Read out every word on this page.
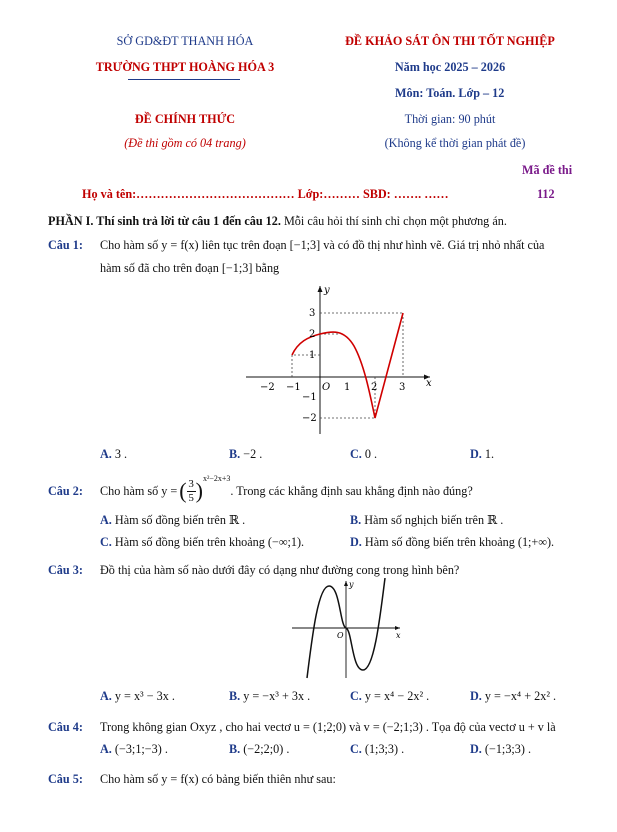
SỞ GD&ĐT THANH HÓA
TRƯỜNG THPT HOÀNG HÓA 3
ĐỀ KHẢO SÁT ÔN THI TỐT NGHIỆP
Năm học 2025 – 2026
Môn: Toán. Lớp – 12
ĐỀ CHÍNH THỨC	Thời gian: 90 phút
(Đề thi gồm có 04 trang)	(Không kể thời gian phát đề)
Mã đề thi
Họ và tên:………………………………… Lớp:……… SBD: ……. ……	112
PHẦN I. Thí sinh trả lời từ câu 1 đến câu 12. Mỗi câu hỏi thí sinh chỉ chọn một phương án.
Câu 1: Cho hàm số y = f(x) liên tục trên đoạn [−1;3] và có đồ thị như hình vẽ. Giá trị nhỏ nhất của
hàm số đã cho trên đoạn [−1;3] bằng
−2 −1 O 1 2 3 x
y
3
2
1
−1
−2
A. 3 .	B. −2 .	C. 0 .	D. 1.
Câu 2: Cho hàm số y = ( 3
5 ) x²−2x+3
. Trong các khẳng định sau khẳng định nào đúng?
A. Hàm số đồng biến trên ℝ .	B. Hàm số nghịch biến trên ℝ .
C. Hàm số đồng biến trên khoảng (−∞;1).	D. Hàm số đồng biến trên khoảng (1;+∞).
Câu 3: Đồ thị của hàm số nào dưới đây có dạng như đường cong trong hình bên?
x
y
O
A. y = x³ − 3x .	B. y = −x³ + 3x .	C. y = x⁴ − 2x² .	D. y = −x⁴ + 2x² .
Câu 4: Trong không gian Oxyz , cho hai vectơ u = (1;2;0) và v = (−2;1;3) . Tọa độ của vectơ u + v là
A. (−3;1;−3) .	B. (−2;2;0) .	C. (1;3;3) .	D. (−1;3;3) .
Câu 5: Cho hàm số y = f(x) có bảng biến thiên như sau:
